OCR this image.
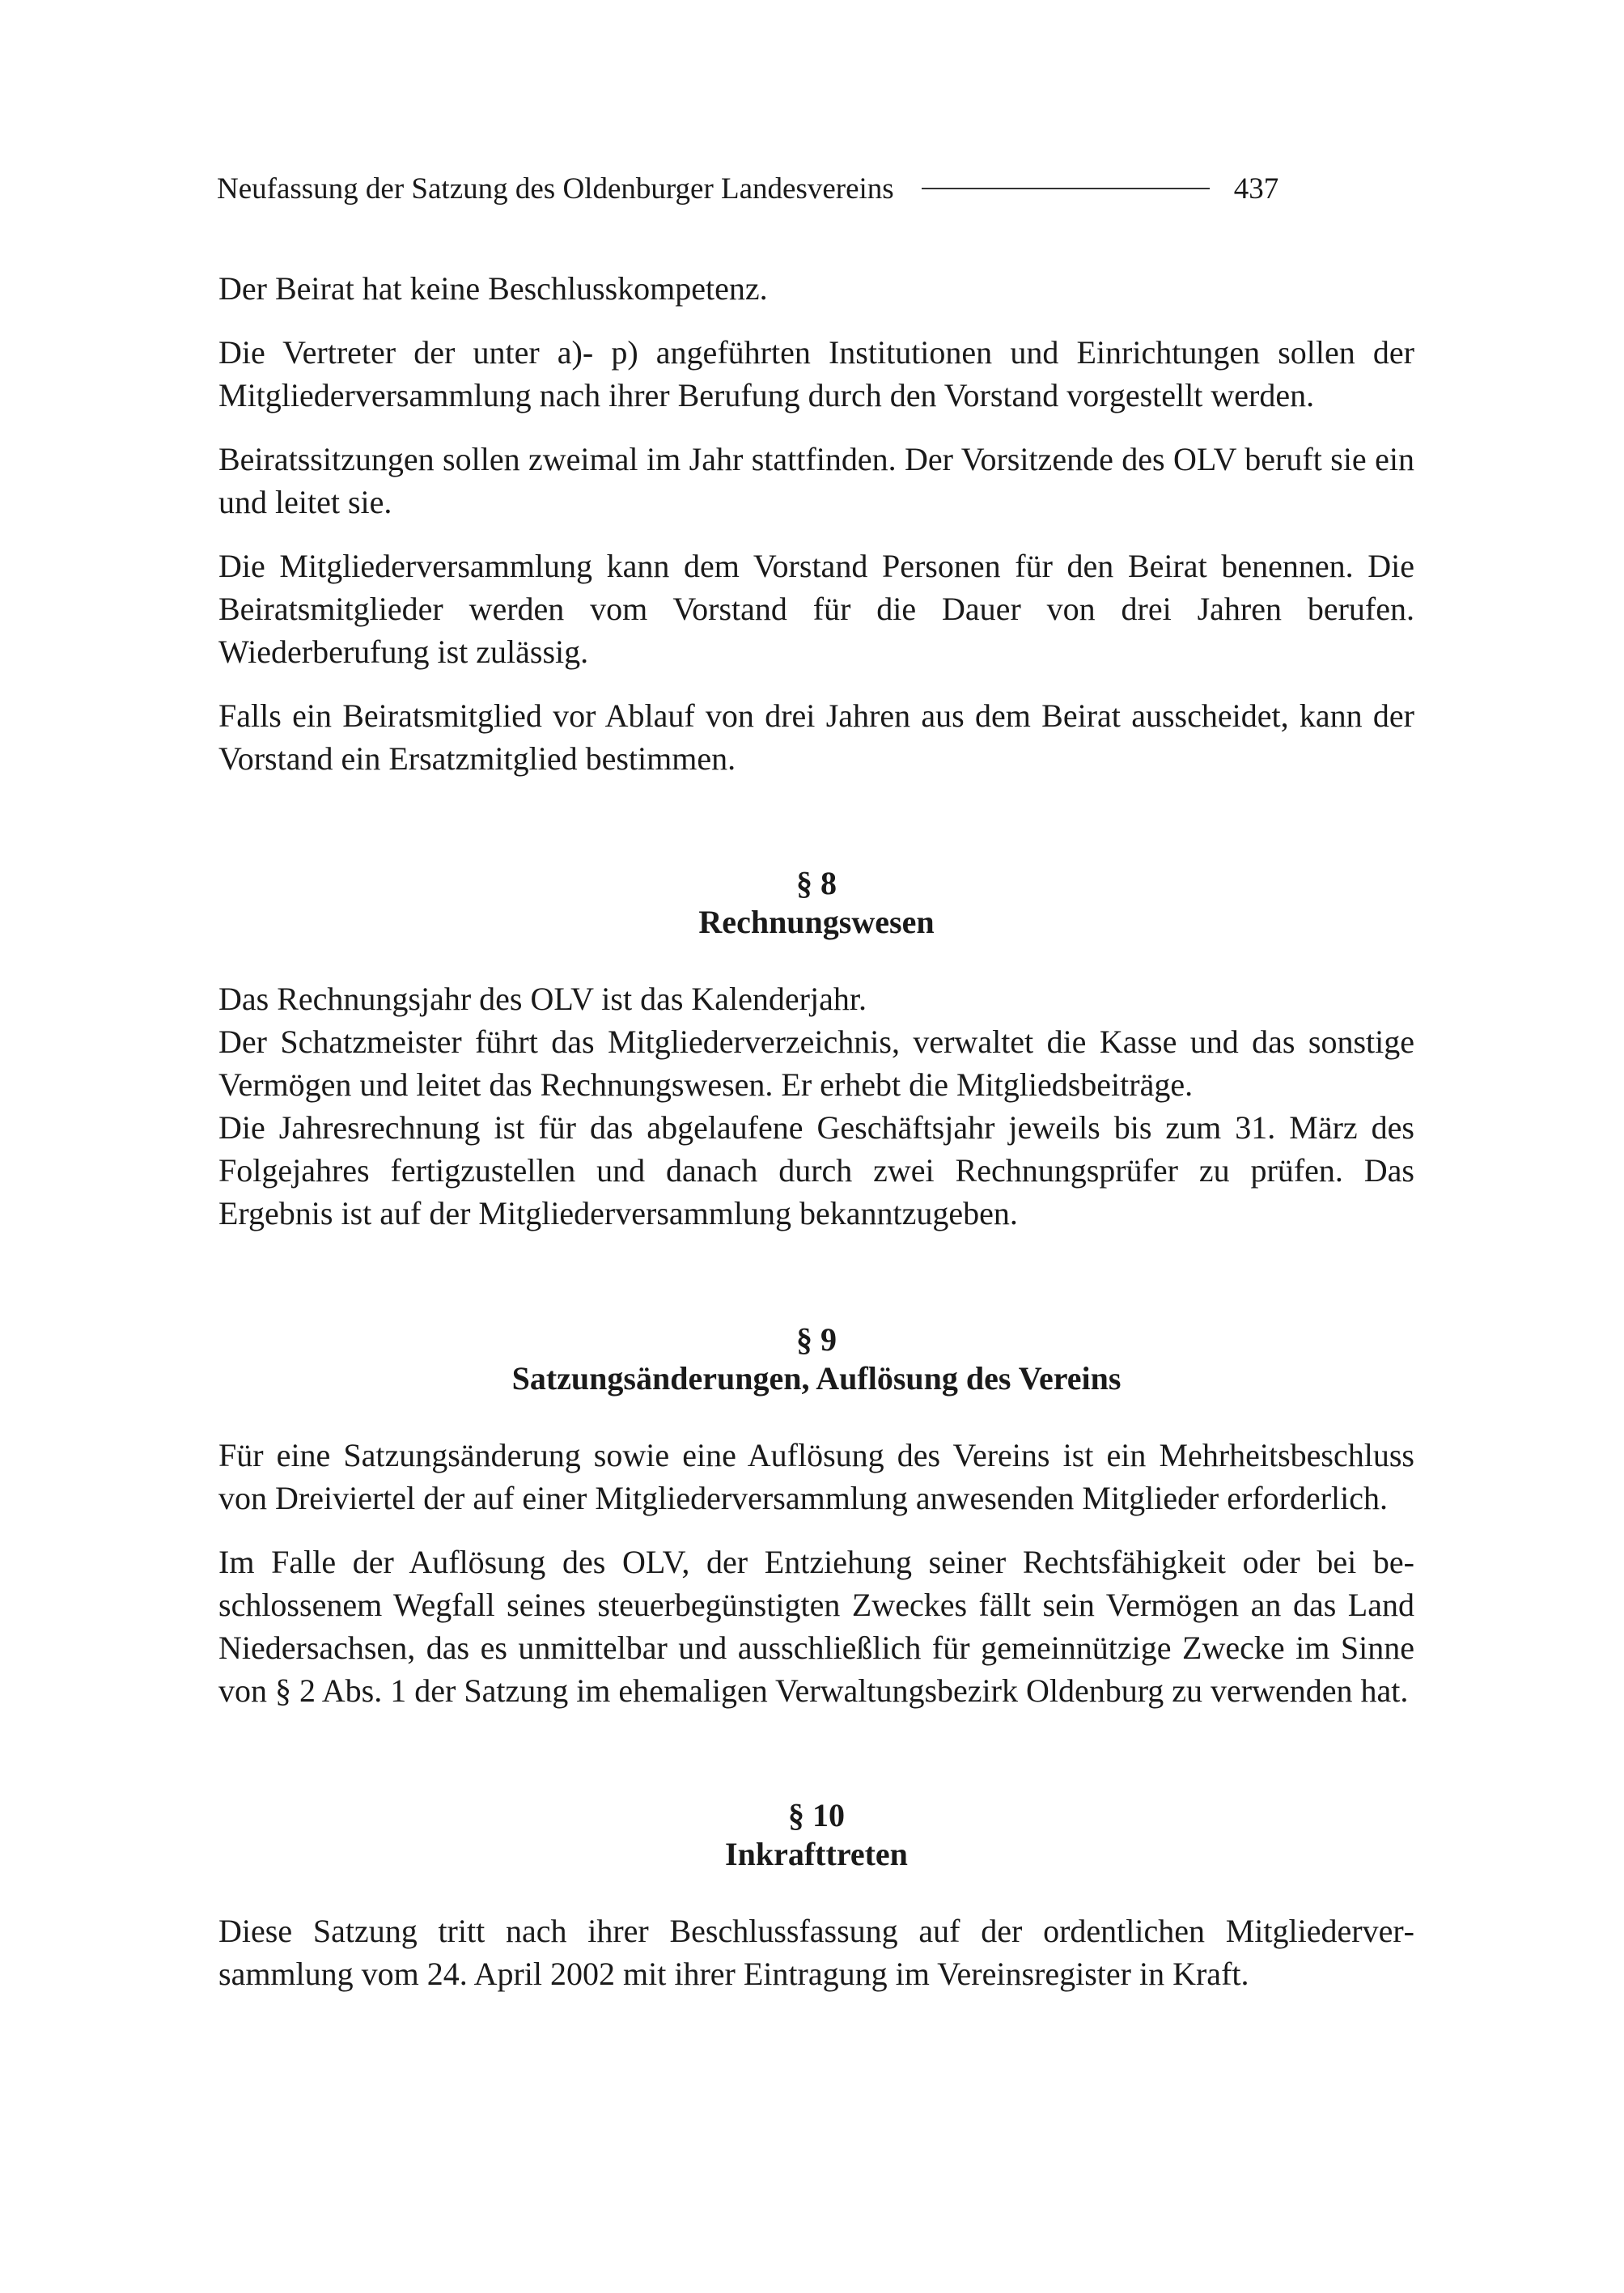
Neufassung der Satzung des Oldenburger Landesvereins	437

Der Beirat hat keine Beschlusskompetenz.

Die Vertreter der unter a)- p) angeführten Institutionen und Einrichtungen sollen der Mitgliederversammlung nach ihrer Berufung durch den Vorstand vorgestellt werden.

Beiratssitzungen sollen zweimal im Jahr stattfinden. Der Vorsitzende des OLV beruft sie ein und leitet sie.

Die Mitgliederversammlung kann dem Vorstand Personen für den Beirat benennen. Die Beiratsmitglieder werden vom Vorstand für die Dauer von drei Jahren berufen. Wiederberufung ist zulässig.

Falls ein Beiratsmitglied vor Ablauf von drei Jahren aus dem Beirat ausscheidet, kann der Vorstand ein Ersatzmitglied bestimmen.

§ 8
Rechnungswesen

Das Rechnungsjahr des OLV ist das Kalenderjahr.

Der Schatzmeister führt das Mitgliederverzeichnis, verwaltet die Kasse und das sonstige Vermögen und leitet das Rechnungswesen. Er erhebt die Mitgliedsbeiträge.

Die Jahresrechnung ist für das abgelaufene Geschäftsjahr jeweils bis zum 31. März des Folgejahres fertigzustellen und danach durch zwei Rechnungsprüfer zu prüfen. Das Ergebnis ist auf der Mitgliederversammlung bekanntzugeben.

§ 9
Satzungsänderungen, Auflösung des Vereins

Für eine Satzungsänderung sowie eine Auflösung des Vereins ist ein Mehrheitsbeschluss von Dreiviertel der auf einer Mitgliederversammlung anwesenden Mitglieder erforderlich.

Im Falle der Auflösung des OLV, der Entziehung seiner Rechtsfähigkeit oder bei beschlossenem Wegfall seines steuerbegünstigten Zweckes fällt sein Vermögen an das Land Niedersachsen, das es unmittelbar und ausschließlich für gemeinnützige Zwecke im Sinne von § 2 Abs. 1 der Satzung im ehemaligen Verwaltungsbezirk Oldenburg zu verwenden hat.

§ 10
Inkrafttreten

Diese Satzung tritt nach ihrer Beschlussfassung auf der ordentlichen Mitgliederversammlung vom 24. April 2002 mit ihrer Eintragung im Vereinsregister in Kraft.
